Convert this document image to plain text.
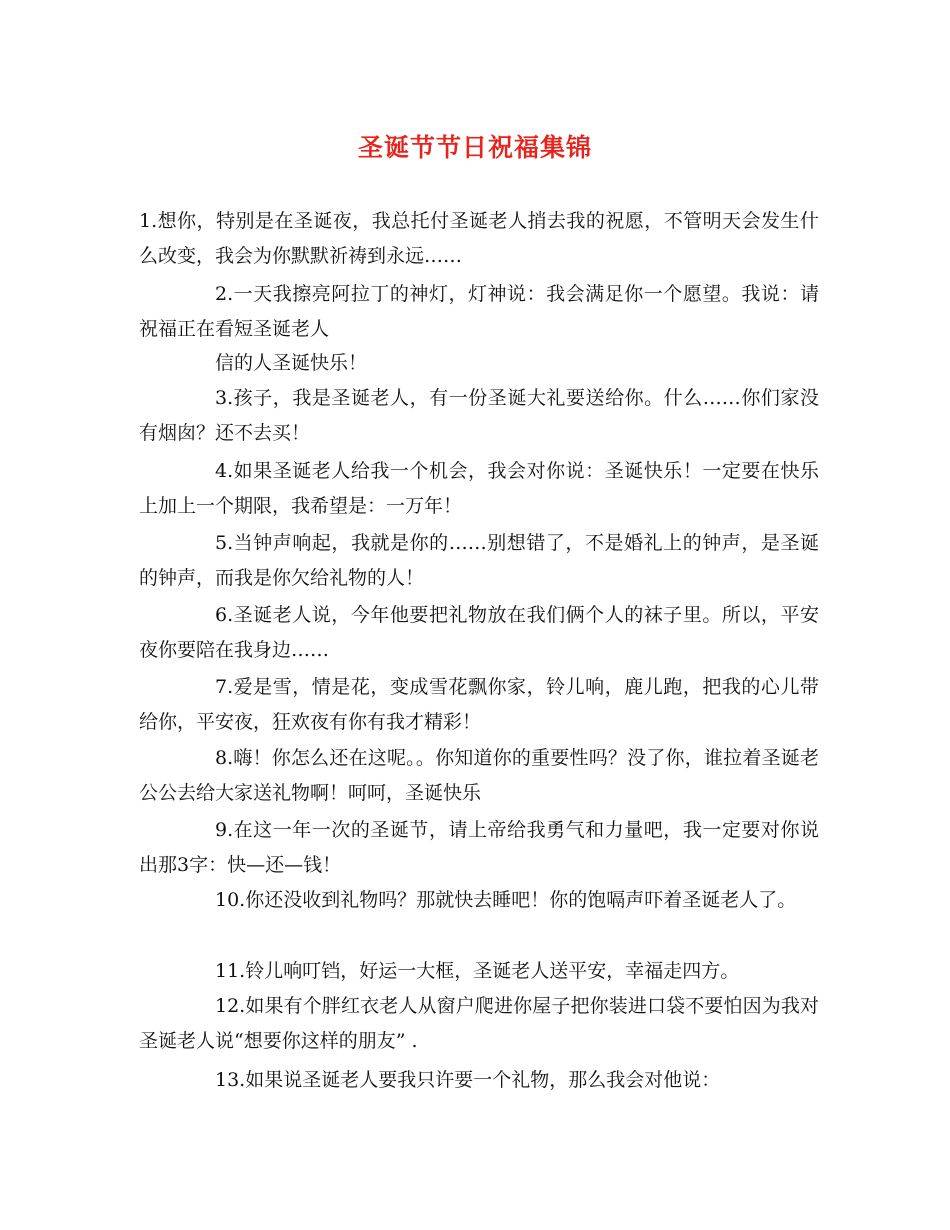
圣诞节节日祝福集锦
1.想你，特别是在圣诞夜，我总托付圣诞老人捎去我的祝愿，不管明天会发生什么改变，我会为你默默祈祷到永远……
2.一天我擦亮阿拉丁的神灯，灯神说：我会满足你一个愿望。我说：请祝福正在看短圣诞老人
信的人圣诞快乐！
3.孩子，我是圣诞老人，有一份圣诞大礼要送给你。什么……你们家没有烟囱？还不去买！
4.如果圣诞老人给我一个机会，我会对你说：圣诞快乐！一定要在快乐上加上一个期限，我希望是：一万年！
5.当钟声响起，我就是你的……别想错了，不是婚礼上的钟声，是圣诞的钟声，而我是你欠给礼物的人！
6.圣诞老人说，今年他要把礼物放在我们俩个人的袜子里。所以，平安夜你要陪在我身边……
7.爱是雪，情是花，变成雪花飘你家，铃儿响，鹿儿跑，把我的心儿带给你，平安夜，狂欢夜有你有我才精彩！
8.嗨！你怎么还在这呢。。你知道你的重要性吗？没了你，谁拉着圣诞老公公去给大家送礼物啊！呵呵，圣诞快乐
9.在这一年一次的圣诞节，请上帝给我勇气和力量吧，我一定要对你说出那3字：快—还—钱！
10.你还没收到礼物吗？那就快去睡吧！你的饱嗝声吓着圣诞老人了。
11.铃儿响叮铛，好运一大框，圣诞老人送平安，幸福走四方。
12.如果有个胖红衣老人从窗户爬进你屋子把你装进口袋不要怕因为我对圣诞老人说“想要你这样的朋友” .
13.如果说圣诞老人要我只许要一个礼物，那么我会对他说：
